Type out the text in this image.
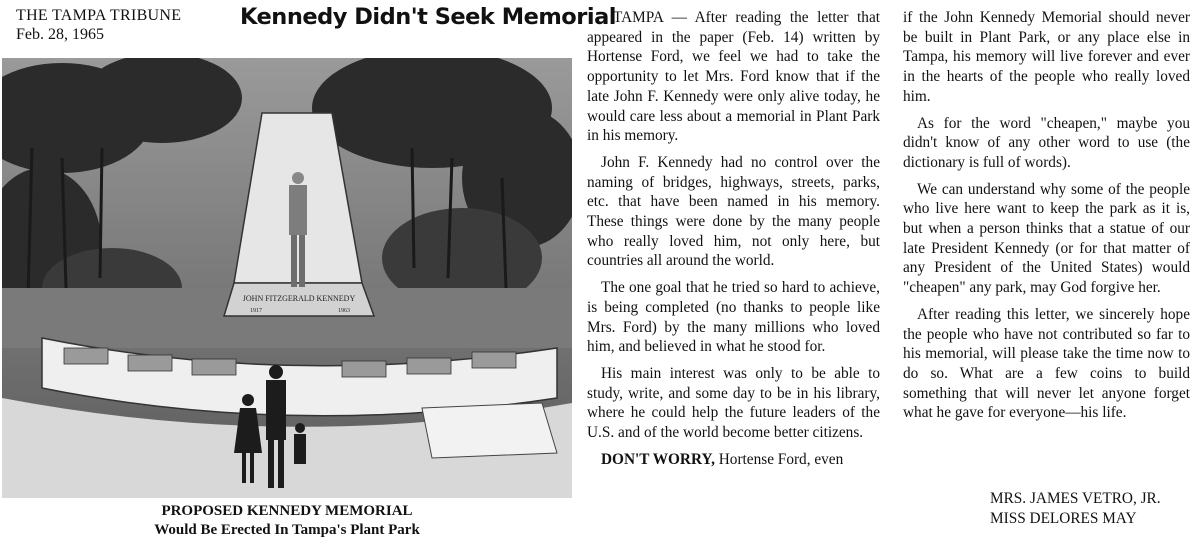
THE TAMPA TRIBUNE
Feb. 28, 1965
Kennedy Didn't Seek Memorial
JOHN FITZGERALD KENNEDY
1917	1963
PROPOSED KENNEDY MEMORIAL
Would Be Erected In Tampa's Plant Park

TAMPA — After reading the letter that appeared in the paper (Feb. 14) written by Hortense Ford, we feel we had to take the opportunity to let Mrs. Ford know that if the late John F. Kennedy were only alive today, he would care less about a memorial in Plant Park in his memory.

John F. Kennedy had no control over the naming of bridges, highways, streets, parks, etc. that have been named in his memory. These things were done by the many people who really loved him, not only here, but countries all around the world.

The one goal that he tried so hard to achieve, is being completed (no thanks to people like Mrs. Ford) by the many millions who loved him, and believed in what he stood for.

His main interest was only to be able to study, write, and some day to be in his library, where he could help the future leaders of the U.S. and of the world become better citizens.

DON'T WORRY, Hortense Ford, even

if the John Kennedy Memorial should never be built in Plant Park, or any place else in Tampa, his memory will live forever and ever in the hearts of the people who really loved him.

As for the word "cheapen," maybe you didn't know of any other word to use (the dictionary is full of words).

We can understand why some of the people who live here want to keep the park as it is, but when a person thinks that a statue of our late President Kennedy (or for that matter of any President of the United States) would "cheapen" any park, may God forgive her.

After reading this letter, we sincerely hope the people who have not contributed so far to his memorial, will please take the time now to do so. What are a few coins to build something that will never let anyone forget what he gave for everyone—his life.

MRS. JAMES VETRO, JR.
MISS DELORES MAY
